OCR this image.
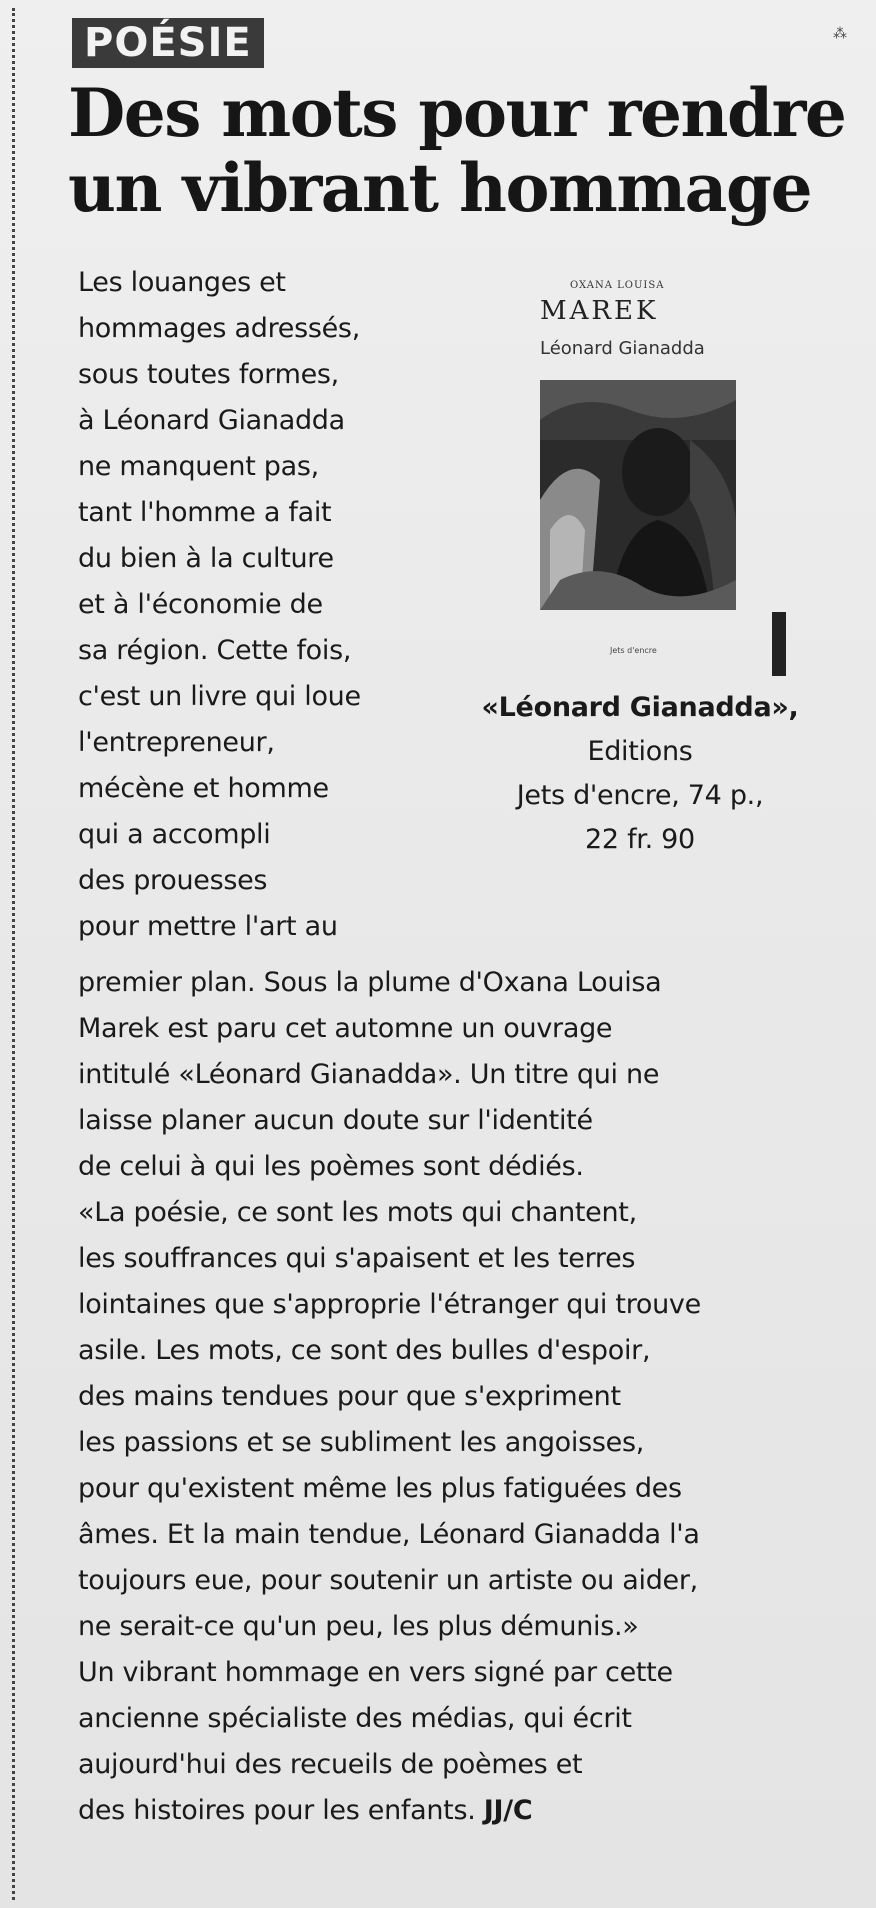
⁂
POÉSIE
Des mots pour rendre
un vibrant hommage
Les louanges et
hommages adressés,
sous toutes formes,
à Léonard Gianadda
ne manquent pas,
tant l'homme a fait
du bien à la culture
et à l'économie de
sa région. Cette fois,
c'est un livre qui loue
l'entrepreneur,
mécène et homme
qui a accompli
des prouesses
pour mettre l'art au
OXANA LOUISA
MAREK
Léonard Gianadda
Jets d'encre
«Léonard Gianadda»,
Editions
Jets d'encre, 74 p.,
22 fr. 90
premier plan. Sous la plume d'Oxana Louisa
Marek est paru cet automne un ouvrage
intitulé «Léonard Gianadda». Un titre qui ne
laisse planer aucun doute sur l'identité
de celui à qui les poèmes sont dédiés.
«La poésie, ce sont les mots qui chantent,
les souffrances qui s'apaisent et les terres
lointaines que s'approprie l'étranger qui trouve
asile. Les mots, ce sont des bulles d'espoir,
des mains tendues pour que s'expriment
les passions et se subliment les angoisses,
pour qu'existent même les plus fatiguées des
âmes. Et la main tendue, Léonard Gianadda l'a
toujours eue, pour soutenir un artiste ou aider,
ne serait-ce qu'un peu, les plus démunis.»
Un vibrant hommage en vers signé par cette
ancienne spécialiste des médias, qui écrit
aujourd'hui des recueils de poèmes et
des histoires pour les enfants. JJ/C
